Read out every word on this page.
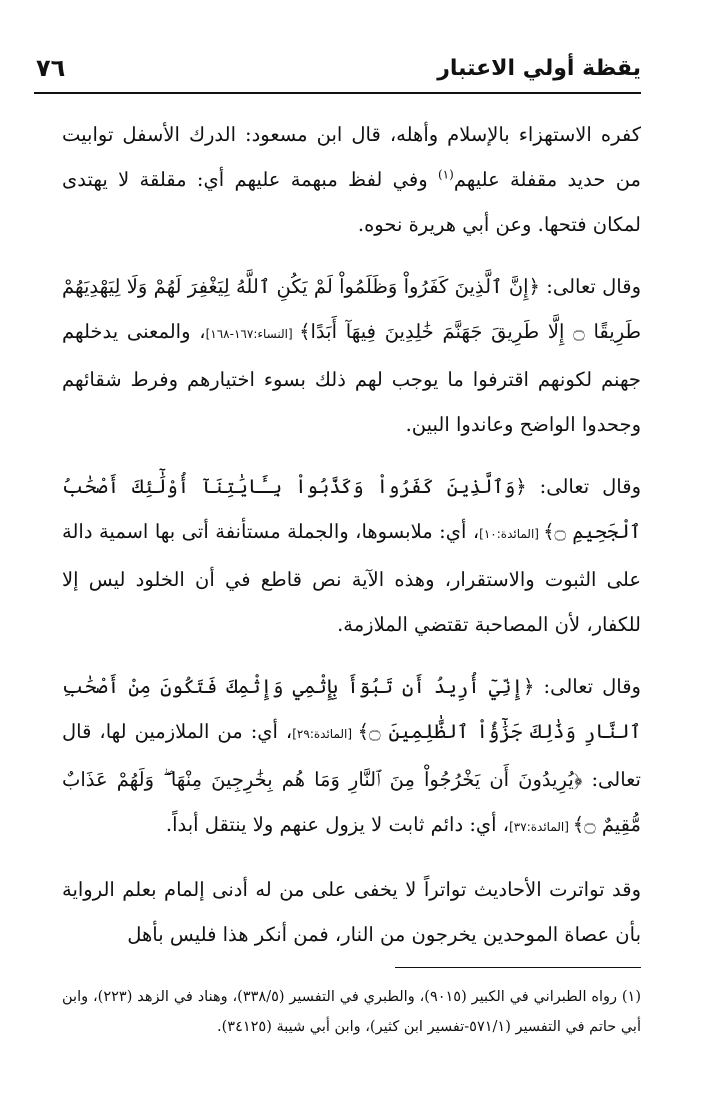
يقظة أولي الاعتبار
٧٦

كفره الاستهزاء بالإسلام وأهله، قال ابن مسعود: الدرك الأسفل توابيت من حديد مقفلة عليهم$^{(١)}$ وفي لفظ مبهمة عليهم أي: مقلقة لا يهتدى لمكان فتحها. وعن أبي هريرة نحوه.

وقال تعالى: ﴿إِنَّ ٱلَّذِينَ كَفَرُواْ وَظَلَمُواْ لَمْ يَكُنِ ٱللَّهُ لِيَغْفِرَ لَهُمْ وَلَا لِيَهْدِيَهُمْ طَرِيقًا ۝ إِلَّا طَرِيقَ جَهَنَّمَ خَٰلِدِينَ فِيهَآ أَبَدًا﴾ [النساء:١٦٧-١٦٨]، والمعنى يدخلهم جهنم لكونهم اقترفوا ما يوجب لهم ذلك بسوء اختيارهم وفرط شقائهم وجحدوا الواضح وعاندوا البين.

وقال تعالى: ﴿وَٱلَّذِينَ كَفَرُواْ وَكَذَّبُواْ بِـَٔايَٰتِنَآ أُوْلَٰٓئِكَ أَصْحَٰبُ ٱلْجَحِيمِ ۝﴾ [المائدة:١٠]، أي: ملابسوها، والجملة مستأنفة أتى بها اسمية دالة على الثبوت والاستقرار، وهذه الآية نص قاطع في أن الخلود ليس إلا للكفار، لأن المصاحبة تقتضي الملازمة.

وقال تعالى: ﴿إِنِّيٓ أُرِيدُ أَن تَبُوٓأَ بِإِثْمِي وَإِثْمِكَ فَتَكُونَ مِنْ أَصْحَٰبِ ٱلنَّارِ وَذَٰلِكَ جَزَٰٓؤُاْ ٱلظَّٰلِمِينَ ۝﴾ [المائدة:٢٩]، أي: من الملازمين لها، قال تعالى: ﴿يُرِيدُونَ أَن يَخْرُجُواْ مِنَ ٱلنَّارِ وَمَا هُم بِخَٰرِجِينَ مِنْهَا ۖ وَلَهُمْ عَذَابٌ مُّقِيمٌ ۝﴾ [المائدة:٣٧]، أي: دائم ثابت لا يزول عنهم ولا ينتقل أبداً.

وقد تواترت الأحاديث تواتراً لا يخفى على من له أدنى إلمام بعلم الرواية بأن عصاة الموحدين يخرجون من النار، فمن أنكر هذا فليس بأهل

(١) رواه الطبراني في الكبير (٩٠١٥)، والطبري في التفسير (٣٣٨/٥)، وهناد في الزهد (٢٢٣)، وابن أبي حاتم في التفسير (٥٧١/١-تفسير ابن كثير)، وابن أبي شيبة (٣٤١٢٥).
